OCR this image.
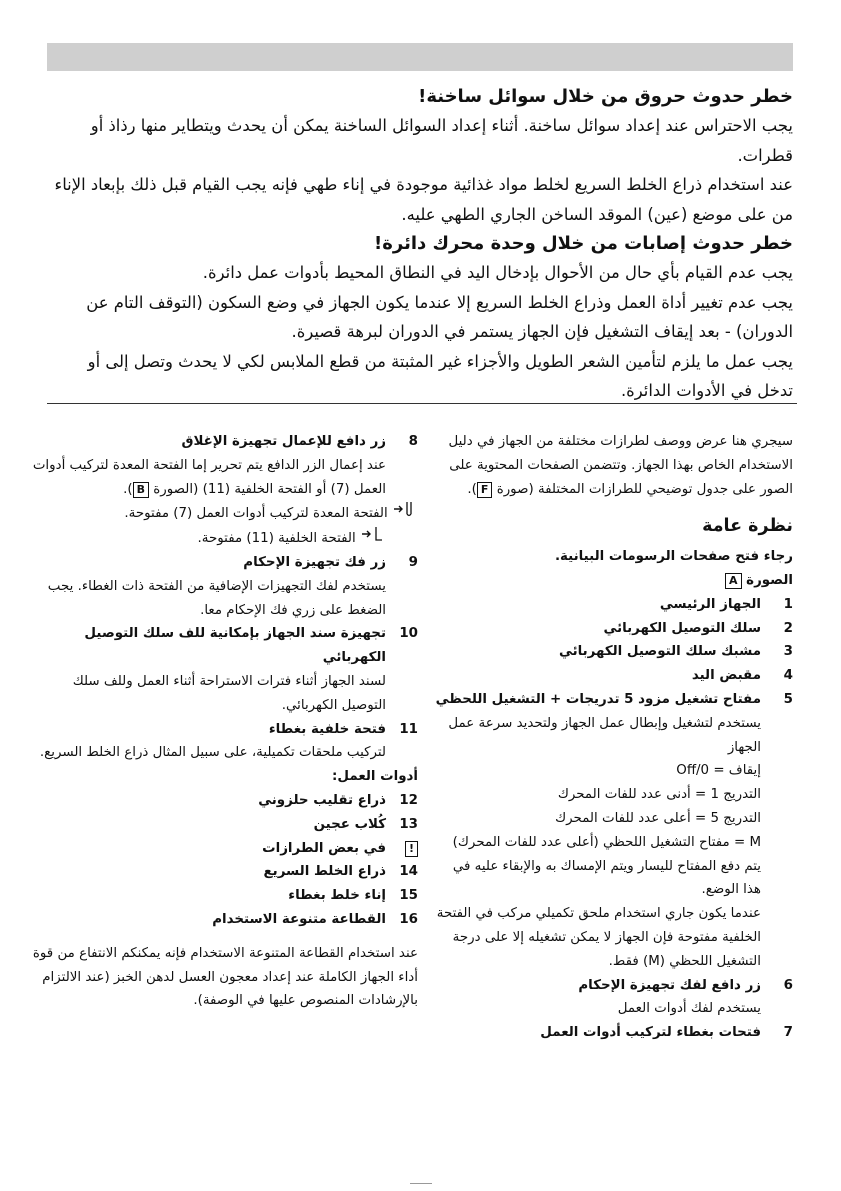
خطر حدوث حروق من خلال سوائل ساخنة!
يجب الاحتراس عند إعداد سوائل ساخنة. أثناء إعداد السوائل الساخنة يمكن أن يحدث ويتطاير منها رذاذ أو قطرات.
عند استخدام ذراع الخلط السريع لخلط مواد غذائية موجودة في إناء طهي فإنه يجب القيام قبل ذلك بإبعاد الإناء من على موضع (عين) الموقد الساخن الجاري الطهي عليه.
خطر حدوث إصابات من خلال وحدة محرك دائرة!
يجب عدم القيام بأي حال من الأحوال بإدخال اليد في النطاق المحيط بأدوات عمل دائرة.
يجب عدم تغيير أداة العمل وذراع الخلط السريع إلا عندما يكون الجهاز في وضع السكون (التوقف التام عن الدوران) - بعد إيقاف التشغيل فإن الجهاز يستمر في الدوران لبرهة قصيرة.
يجب عمل ما يلزم لتأمين الشعر الطويل والأجزاء غير المثبتة من قطع الملابس لكي لا يحدث وتصل إلى أو تدخل في الأدوات الدائرة.
سيجري هنا عرض ووصف لطرازات مختلفة من الجهاز في دليل الاستخدام الخاص بهذا الجهاز. وتتضمن الصفحات المحتوية على الصور على جدول توضيحي للطرازات المختلفة (صورة F).
نظرة عامة
رجاء فتح صفحات الرسومات البيانية.
الصورة A
1
الجهاز الرئيسي
2
سلك التوصيل الكهربائي
3
مشبك سلك التوصيل الكهربائي
4
مقبض اليد
5
مفتاح تشغيل مزود 5 تدريجات + التشغيل اللحظي
يستخدم لتشغيل وإبطال عمل الجهاز ولتحديد سرعة عمل الجهاز
إيقاف = Off/0
التدريج 1 = أدنى عدد للفات المحرك
التدريج 5 = أعلى عدد للفات المحرك
M = مفتاح التشغيل اللحظي (أعلى عدد للفات المحرك) يتم دفع المفتاح لليسار ويتم الإمساك به والإبقاء عليه في هذا الوضع.
عندما يكون جاري استخدام ملحق تكميلي مركب في الفتحة الخلفية مفتوحة فإن الجهاز لا يمكن تشغيله إلا على درجة التشغيل اللحظي (M) فقط.
6
زر دافع لفك تجهيزة الإحكام
يستخدم لفك أدوات العمل
7
فتحات بغطاء لتركيب أدوات العمل
8
زر دافع للإعمال تجهيزة الإغلاق
عند إعمال الزر الدافع يتم تحرير إما الفتحة المعدة لتركيب أدوات العمل (7) أو الفتحة الخلفية (11) (الصورة B).
الفتحة المعدة لتركيب أدوات العمل (7) مفتوحة.
الفتحة الخلفية (11) مفتوحة.
9
زر فك تجهيزة الإحكام
يستخدم لفك التجهيزات الإضافية من الفتحة ذات الغطاء. يجب الضغط على زري فك الإحكام معا.
10
تجهيزة سند الجهاز بإمكانية للف سلك التوصيل الكهربائي
لسند الجهاز أثناء فترات الاستراحة أثناء العمل وللف سلك التوصيل الكهربائي.
11
فتحة خلفية بغطاء
لتركيب ملحقات تكميلية، على سبيل المثال ذراع الخلط السريع.
أدوات العمل:
12
ذراع تقليب حلزوني
13
كُلاب عجين
!
في بعض الطرازات
14
ذراع الخلط السريع
15
إناء خلط بغطاء
16
القطاعة متنوعة الاستخدام
عند استخدام القطاعة المتنوعة الاستخدام فإنه يمكنكم الانتفاع من قوة أداء الجهاز الكاملة عند إعداد معجون العسل لدهن الخبز (عند الالتزام بالإرشادات المنصوص عليها في الوصفة).
